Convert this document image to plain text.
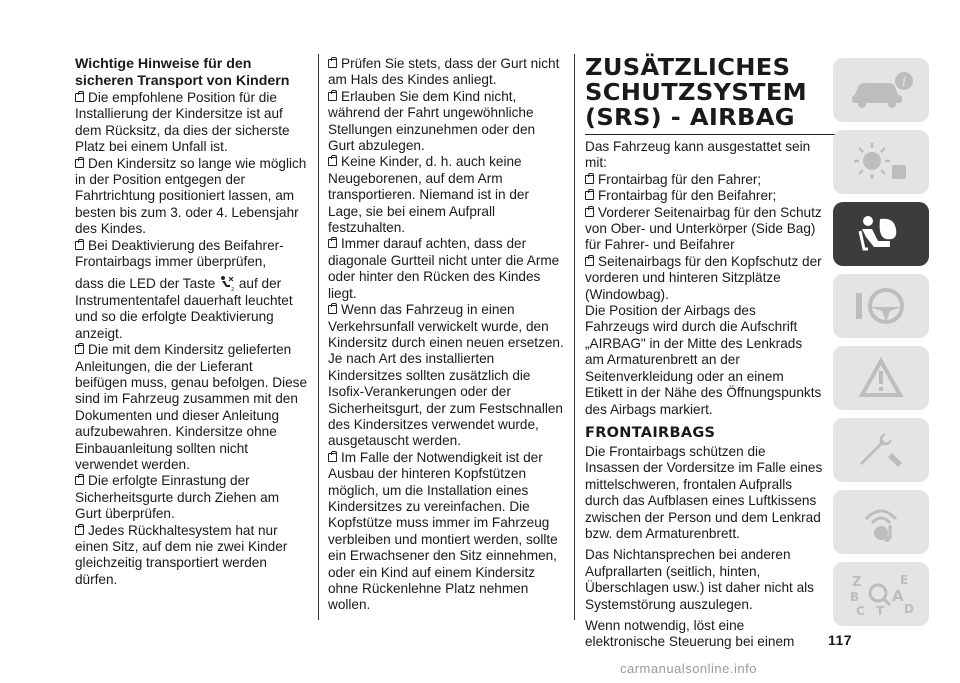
Wichtige Hinweise für den sicheren Transport von Kindern

Die empfohlene Position für die Installierung der Kindersitze ist auf dem Rücksitz, da dies der sicherste Platz bei einem Unfall ist.

Den Kindersitz so lange wie möglich in der Position entgegen der Fahrtrichtung positioniert lassen, am besten bis zum 3. oder 4. Lebensjahr des Kindes.

Bei Deaktivierung des Beifahrer-Frontairbags immer überprüfen,

dass die LED der Taste	2 auf der Instrumententafel dauerhaft leuchtet und so die erfolgte Deaktivierung anzeigt.

Die mit dem Kindersitz gelieferten Anleitungen, die der Lieferant beifügen muss, genau befolgen. Diese sind im Fahrzeug zusammen mit den Dokumenten und dieser Anleitung aufzubewahren. Kindersitze ohne Einbauanleitung sollten nicht verwendet werden.

Die erfolgte Einrastung der Sicherheitsgurte durch Ziehen am Gurt überprüfen.

Jedes Rückhaltesystem hat nur einen Sitz, auf dem nie zwei Kinder gleichzeitig transportiert werden dürfen.

Prüfen Sie stets, dass der Gurt nicht am Hals des Kindes anliegt.

Erlauben Sie dem Kind nicht, während der Fahrt ungewöhnliche Stellungen einzunehmen oder den Gurt abzulegen.

Keine Kinder, d. h. auch keine Neugeborenen, auf dem Arm transportieren. Niemand ist in der Lage, sie bei einem Aufprall festzuhalten.

Immer darauf achten, dass der diagonale Gurtteil nicht unter die Arme oder hinter den Rücken des Kindes liegt.

Wenn das Fahrzeug in einen Verkehrsunfall verwickelt wurde, den Kindersitz durch einen neuen ersetzen. Je nach Art des installierten Kindersitzes sollten zusätzlich die Isofix-Verankerungen oder der Sicherheitsgurt, der zum Festschnallen des Kindersitzes verwendet wurde, ausgetauscht werden.

Im Falle der Notwendigkeit ist der Ausbau der hinteren Kopfstützen möglich, um die Installation eines Kindersitzes zu vereinfachen. Die Kopfstütze muss immer im Fahrzeug verbleiben und montiert werden, sollte ein Erwachsener den Sitz einnehmen, oder ein Kind auf einem Kindersitz ohne Rückenlehne Platz nehmen wollen.

ZUSÄTZLICHES SCHUTZSYSTEM (SRS) - AIRBAG

Das Fahrzeug kann ausgestattet sein mit:

Frontairbag für den Fahrer;

Frontairbag für den Beifahrer;

Vorderer Seitenairbag für den Schutz von Ober- und Unterkörper (Side Bag) für Fahrer- und Beifahrer

Seitenairbags für den Kopfschutz der vorderen und hinteren Sitzplätze (Windowbag).

Die Position der Airbags des Fahrzeugs wird durch die Aufschrift „AIRBAG" in der Mitte des Lenkrads am Armaturenbrett an der Seitenverkleidung oder an einem Etikett in der Nähe des Öffnungspunkts des Airbags markiert.

FRONTAIRBAGS

Die Frontairbags schützen die Insassen der Vordersitze im Falle eines mittelschweren, frontalen Aufpralls durch das Aufblasen eines Luftkissens zwischen der Person und dem Lenkrad bzw. dem Armaturenbrett.

Das Nichtansprechen bei anderen Aufprallarten (seitlich, hinten, Überschlagen usw.) ist daher nicht als Systemstörung auszulegen.

Wenn notwendig, löst eine elektronische Steuerung bei einem

i
Z	E
B A
C T D
117
carmanualsonline.info
